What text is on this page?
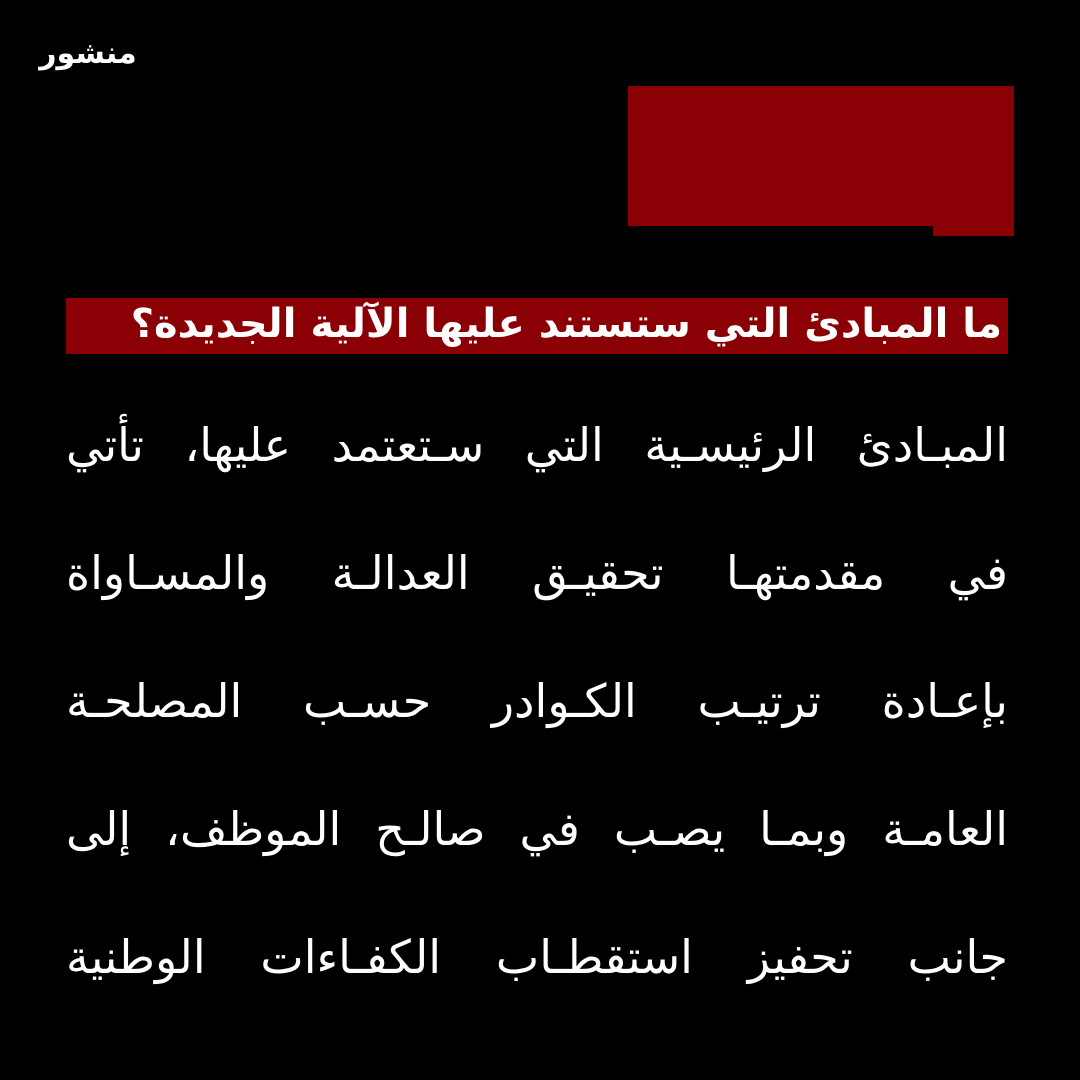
منشور
ما المبادئ التي ستستند عليها الآلية الجديدة؟
المبـادئ الرئيسـية التي سـتعتمد عليها، تأتي
في مقدمتهـا تحقيـق العدالـة والمسـاواة
بإعـادة ترتيـب الكـوادر حسـب المصلحـة
العامـة وبمـا يصـب في صالـح الموظف، إلى
جانب تحفيز استقطـاب الكفـاءات الوطنية
